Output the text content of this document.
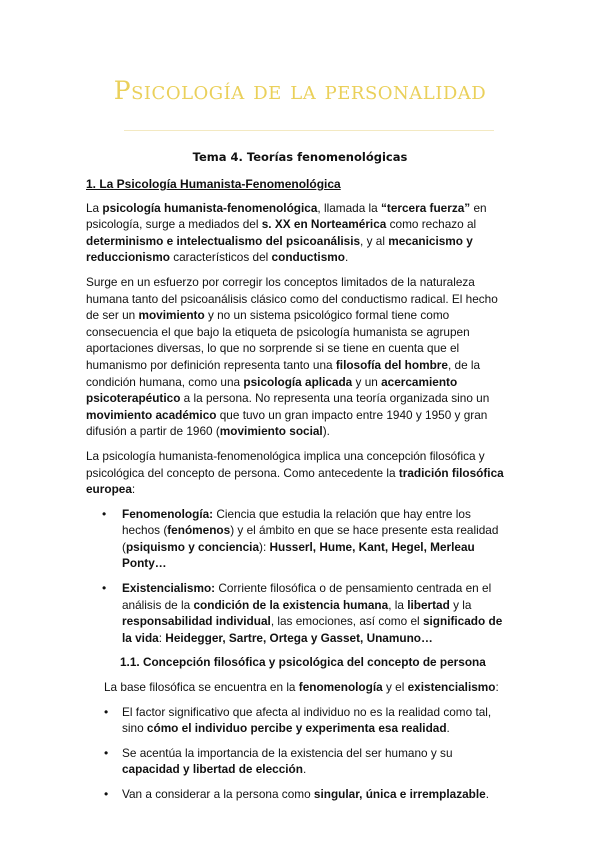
Psicología de la personalidad
Tema 4. Teorías fenomenológicas
1. La Psicología Humanista-Fenomenológica

La psicología humanista-fenomenológica, llamada la “tercera fuerza” en psicología, surge a mediados del s. XX en Norteamérica como rechazo al determinismo e intelectualismo del psicoanálisis, y al mecanicismo y reduccionismo característicos del conductismo.

Surge en un esfuerzo por corregir los conceptos limitados de la naturaleza humana tanto del psicoanálisis clásico como del conductismo radical. El hecho de ser un movimiento y no un sistema psicológico formal tiene como consecuencia el que bajo la etiqueta de psicología humanista se agrupen aportaciones diversas, lo que no sorprende si se tiene en cuenta que el humanismo por definición representa tanto una filosofía del hombre, de la condición humana, como una psicología aplicada y un acercamiento psicoterapéutico a la persona. No representa una teoría organizada sino un movimiento académico que tuvo un gran impacto entre 1940 y 1950 y gran difusión a partir de 1960 (movimiento social).

La psicología humanista-fenomenológica implica una concepción filosófica y psicológica del concepto de persona. Como antecedente la tradición filosófica europea:

• Fenomenología: Ciencia que estudia la relación que hay entre los hechos (fenómenos) y el ámbito en que se hace presente esta realidad (psiquismo y conciencia): Husserl, Hume, Kant, Hegel, Merleau Ponty…
• Existencialismo: Corriente filosófica o de pensamiento centrada en el análisis de la condición de la existencia humana, la libertad y la responsabilidad individual, las emociones, así como el significado de la vida: Heidegger, Sartre, Ortega y Gasset, Unamuno…
1.1. Concepción filosófica y psicológica del concepto de persona
La base filosófica se encuentra en la fenomenología y el existencialismo:
• El factor significativo que afecta al individuo no es la realidad como tal, sino cómo el individuo percibe y experimenta esa realidad.
• Se acentúa la importancia de la existencia del ser humano y su capacidad y libertad de elección.
• Van a considerar a la persona como singular, única e irremplazable.
